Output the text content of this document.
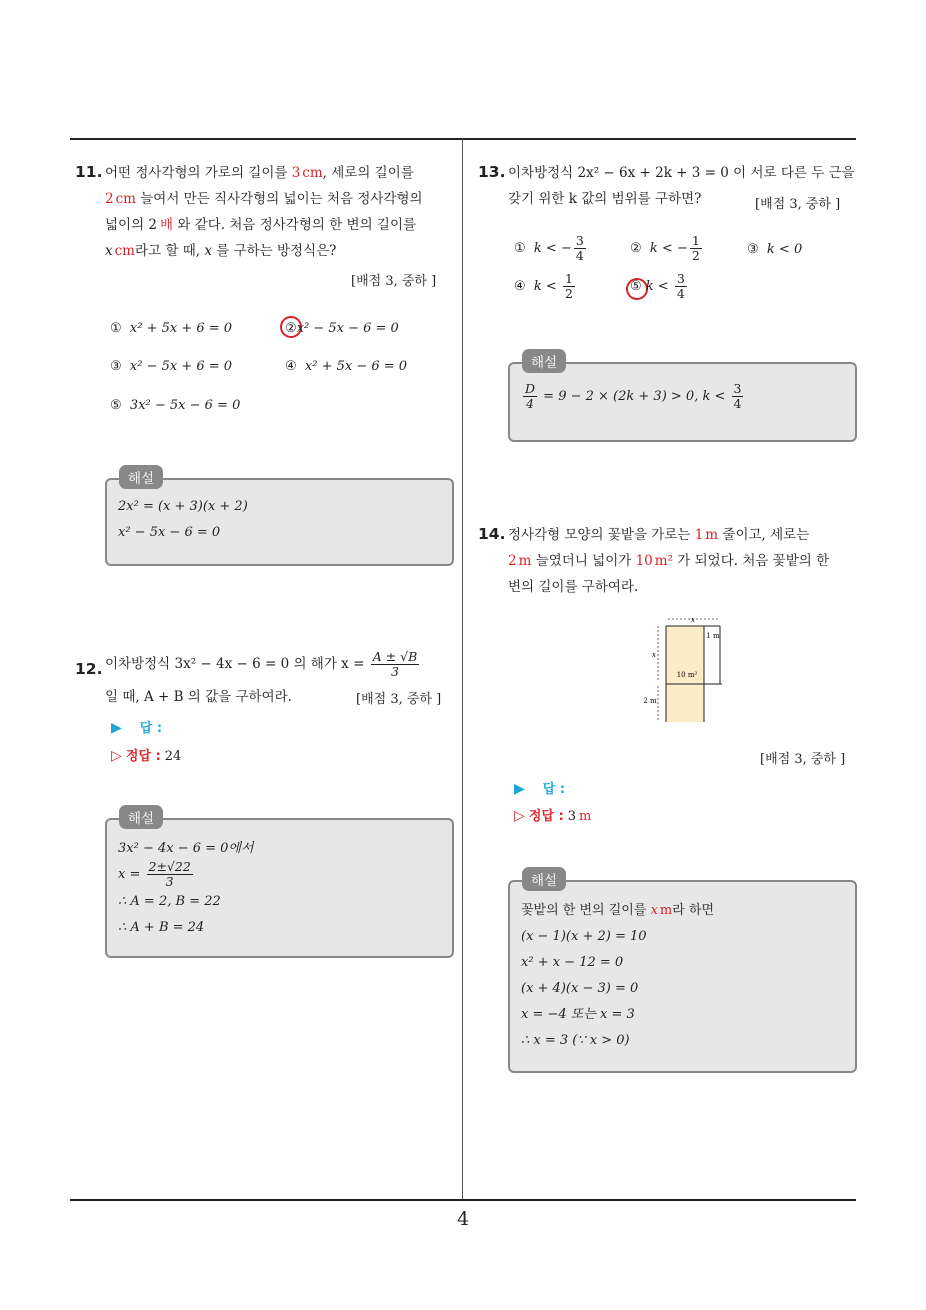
4
11. 어떤 정사각형의 가로의 길이를 3 cm, 세로의 길이를
2 cm 늘여서 만든 직사각형의 넓이는 처음 정사각형의
넓이의 2 배 와 같다. 처음 정사각형의 한 변의 길이를
x cm라고 할 때, x 를 구하는 방정식은?
[배점 3, 중하 ]
① x² + 5x + 6 = 0	②x² − 5x − 6 = 0
③ x² − 5x + 6 = 0	④ x² + 5x − 6 = 0
⑤ 3x² − 5x − 6 = 0
해설
2x² = (x + 3)(x + 2)
x² − 5x − 6 = 0
12. 이차방정식 3x² − 4x − 6 = 0 의 해가 $x = \frac{A \pm √B}{3}$
일 때, A + B 의 값을 구하여라.	[배점 3, 중하 ]
▶ 답 :
▷ 정답 : 24
해설
3x² − 4x − 6 = 0에서
$x = \frac{2\pm√22}{3}$
∴ A = 2, B = 22
∴ A + B = 24
13. 이차방정식 2x² − 6x + 2k + 3 = 0 이 서로 다른 두 근을
갖기 위한 k 값의 범위를 구하면?	[배점 3, 중하 ]
① k < − $\frac{3}{4}$	② k < − $\frac{1}{2}$	③ k < 0
④ $k < \frac{1}{2}$	⑤ $k < \frac{3}{4}$
해설
$\frac{D}{4} = 9 - 2 \times (2k + 3) > 0$, $k < \frac{3}{4}$
14. 정사각형 모양의 꽃밭을 가로는 1 m 줄이고, 세로는
2 m 늘였더니 넓이가 10 m² 가 되었다. 처음 꽃밭의 한
변의 길이를 구하여라.
x
x
1 m
10 m²
2 m
[배점 3, 중하 ]
▶ 답 :
▷ 정답 : 3 m
해설
꽃밭의 한 변의 길이를 x m라 하면
(x − 1)(x + 2) = 10
x² + x − 12 = 0
(x + 4)(x − 3) = 0
x = −4 또는 x = 3
∴ x = 3 (∵ x > 0)
